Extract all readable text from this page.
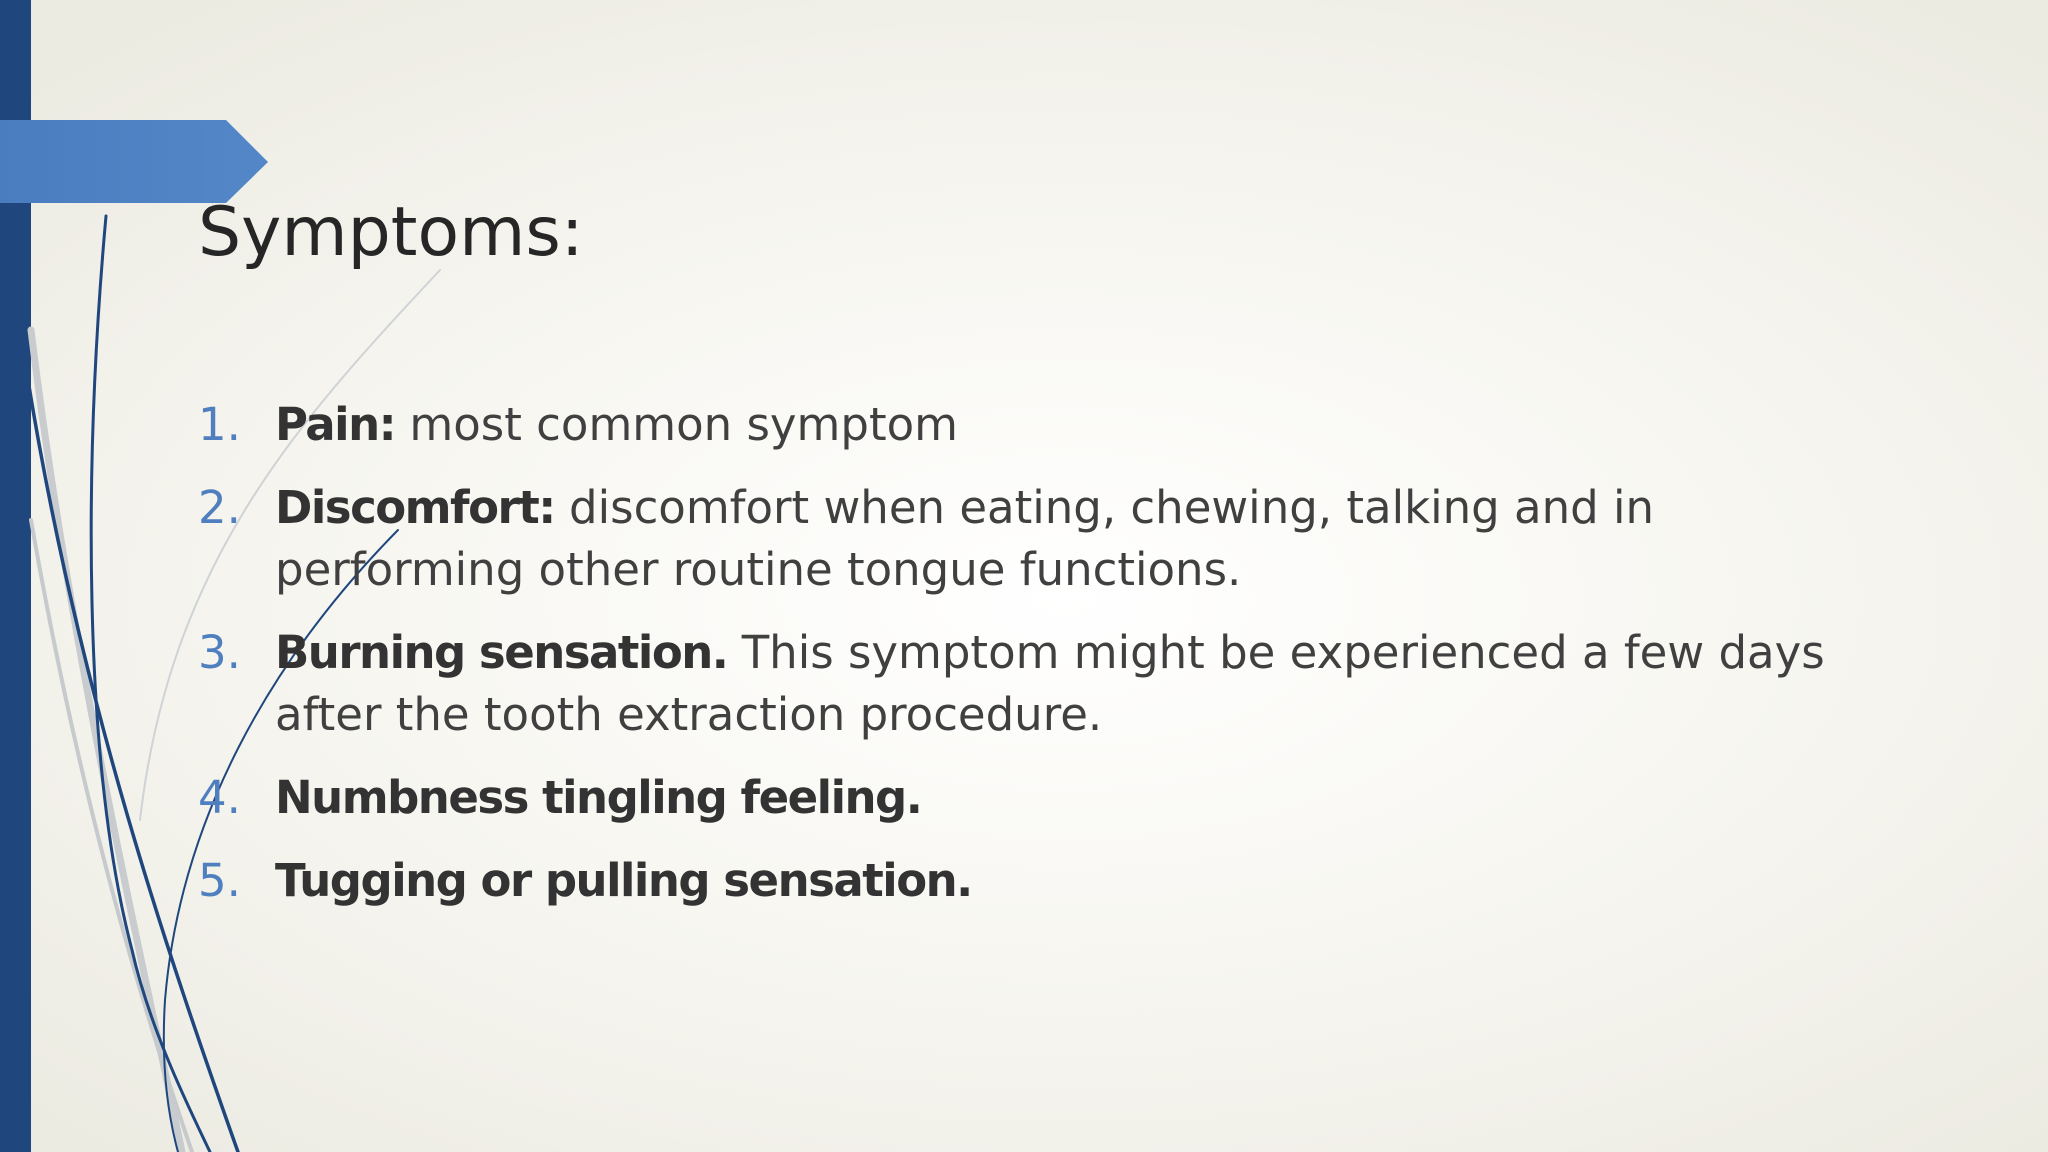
Symptoms:
1. Pain: most common symptom
2. Discomfort: discomfort when eating, chewing, talking and in performing other routine tongue functions.
3. Burning sensation. This symptom might be experienced a few days after the tooth extraction procedure.
4. Numbness tingling feeling.
5. Tugging or pulling sensation.
